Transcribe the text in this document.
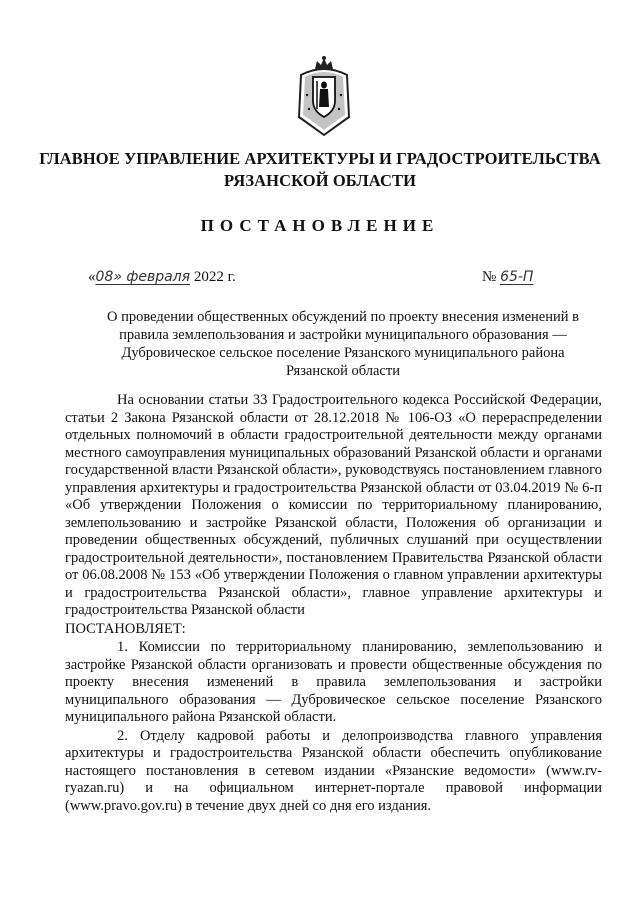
ГЛАВНОЕ УПРАВЛЕНИЕ АРХИТЕКТУРЫ И ГРАДОСТРОИТЕЛЬСТВА
РЯЗАНСКОЙ ОБЛАСТИ
ПОСТАНОВЛЕНИЕ
«08» февраля 2022 г.	№ 65-П
О проведении общественных обсуждений по проекту внесения изменений в
правила землепользования и застройки муниципального образования —
Дубровическое сельское поселение Рязанского муниципального района
Рязанской области

На основании статьи 33 Градостроительного кодекса Российской Федерации, статьи 2 Закона Рязанской области от 28.12.2018 № 106-ОЗ «О перераспределении отдельных полномочий в области градостроительной деятельности между органами местного самоуправления муниципальных образований Рязанской области и органами государственной власти Рязанской области», руководствуясь постановлением главного управления архитектуры и градостроительства Рязанской области от 03.04.2019 № 6-п «Об утверждении Положения о комиссии по территориальному планированию, землепользованию и застройке Рязанской области, Положения об организации и проведении общественных обсуждений, публичных слушаний при осуществлении градостроительной деятельности», постановлением Правительства Рязанской области от 06.08.2008 № 153 «Об утверждении Положения о главном управлении архитектуры и градостроительства Рязанской области», главное управление архитектуры и градостроительства Рязанской области

ПОСТАНОВЛЯЕТ:

1. Комиссии по территориальному планированию, землепользованию и застройке Рязанской области организовать и провести общественные обсуждения по проекту внесения изменений в правила землепользования и застройки муниципального образования — Дубровическое сельское поселение Рязанского муниципального района Рязанской области.

2. Отделу кадровой работы и делопроизводства главного управления архитектуры и градостроительства Рязанской области обеспечить опубликование настоящего постановления в сетевом издании «Рязанские ведомости» (www.rv-ryazan.ru) и на официальном интернет-портале правовой информации (www.pravo.gov.ru) в течение двух дней со дня его издания.
